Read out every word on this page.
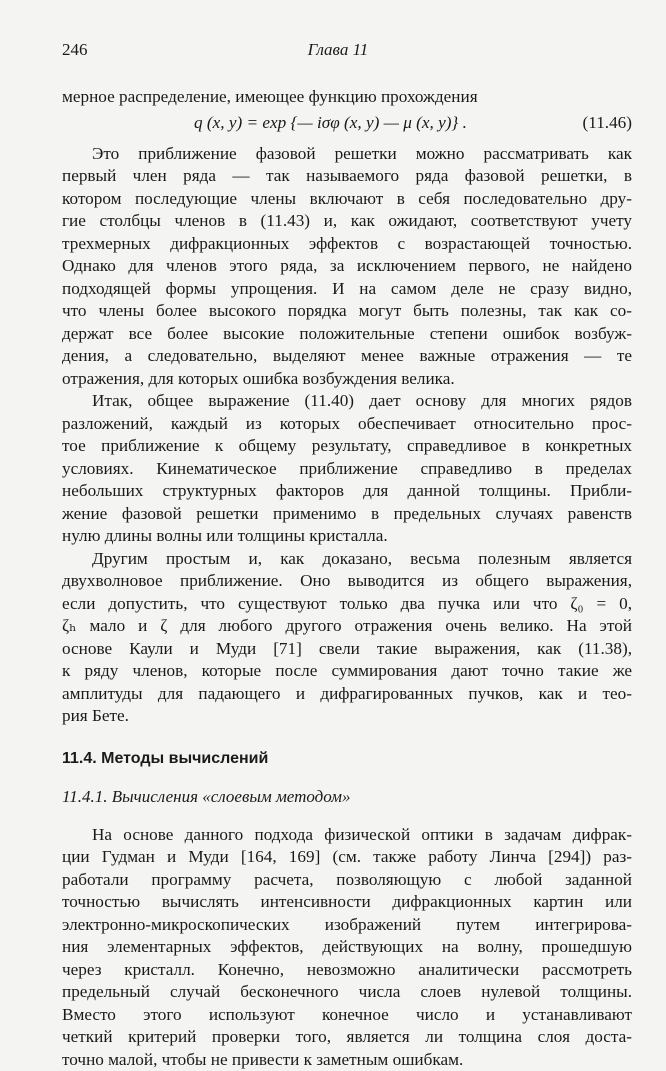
246	Глава 11
мерное распределение, имеющее функцию прохождения
q (x, y) = exp {— iσφ (x, y) — μ (x, y)} .	(11.46)
Это приближение фазовой решетки можно рассматривать как
первый член ряда — так называемого ряда фазовой решетки, в
котором последующие члены включают в себя последовательно дру-
гие столбцы членов в (11.43) и, как ожидают, соответствуют учету
трехмерных дифракционных эффектов с возрастающей точностью.
Однако для членов этого ряда, за исключением первого, не найдено
подходящей формы упрощения. И на самом деле не сразу видно,
что члены более высокого порядка могут быть полезны, так как со-
держат все более высокие положительные степени ошибок возбуж-
дения, а следовательно, выделяют менее важные отражения — те
отражения, для которых ошибка возбуждения велика.
Итак, общее выражение (11.40) дает основу для многих рядов
разложений, каждый из которых обеспечивает относительно прос-
тое приближение к общему результату, справедливое в конкретных
условиях. Кинематическое приближение справедливо в пределах
небольших структурных факторов для данной толщины. Прибли-
жение фазовой решетки применимо в предельных случаях равенств
нулю длины волны или толщины кристалла.
Другим простым и, как доказано, весьма полезным является
двухволновое приближение. Оно выводится из общего выражения,
если допустить, что существуют только два пучка или что ζ₀ = 0,
ζₕ мало и ζ для любого другого отражения очень велико. На этой
основе Каули и Муди [71] свели такие выражения, как (11.38),
к ряду членов, которые после суммирования дают точно такие же
амплитуды для падающего и дифрагированных пучков, как и тео-
рия Бете.
11.4. Методы вычислений
11.4.1. Вычисления «слоевым методом»
На основе данного подхода физической оптики в задачам дифрак-
ции Гудман и Муди [164, 169] (см. также работу Линча [294]) раз-
работали программу расчета, позволяющую с любой заданной
точностью вычислять интенсивности дифракционных картин или
электронно-микроскопических изображений путем интегрирова-
ния элементарных эффектов, действующих на волну, прошедшую
через кристалл. Конечно, невозможно аналитически рассмотреть
предельный случай бесконечного числа слоев нулевой толщины.
Вместо этого используют конечное число и устанавливают
четкий критерий проверки того, является ли толщина слоя доста-
точно малой, чтобы не привести к заметным ошибкам.
